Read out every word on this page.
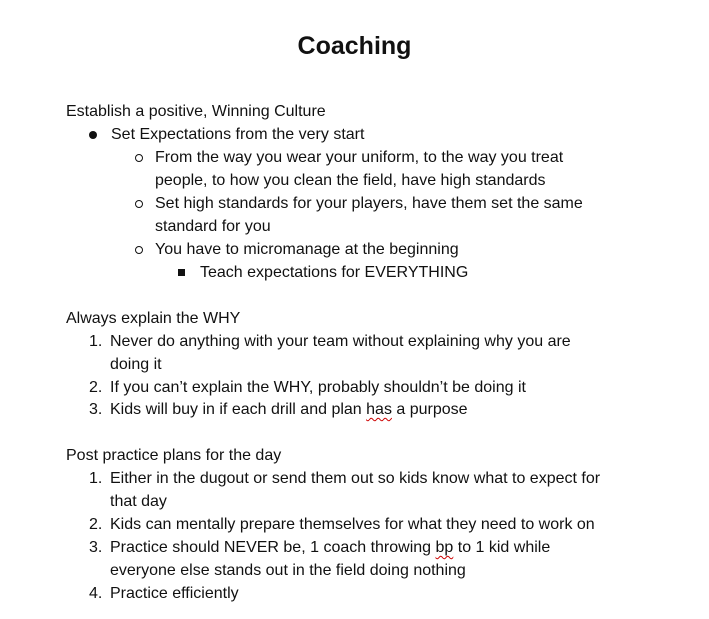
Coaching
Establish a positive, Winning Culture
Set Expectations from the very start
From the way you wear your uniform, to the way you treat
people, to how you clean the field, have high standards
Set high standards for your players, have them set the same
standard for you
You have to micromanage at the beginning
Teach expectations for EVERYTHING
Always explain the WHY
1. Never do anything with your team without explaining why you are
doing it
2. If you can’t explain the WHY, probably shouldn’t be doing it
3. Kids will buy in if each drill and plan has a purpose
Post practice plans for the day
1. Either in the dugout or send them out so kids know what to expect for
that day
2. Kids can mentally prepare themselves for what they need to work on
3. Practice should NEVER be, 1 coach throwing bp to 1 kid while
everyone else stands out in the field doing nothing
4. Practice efficiently
